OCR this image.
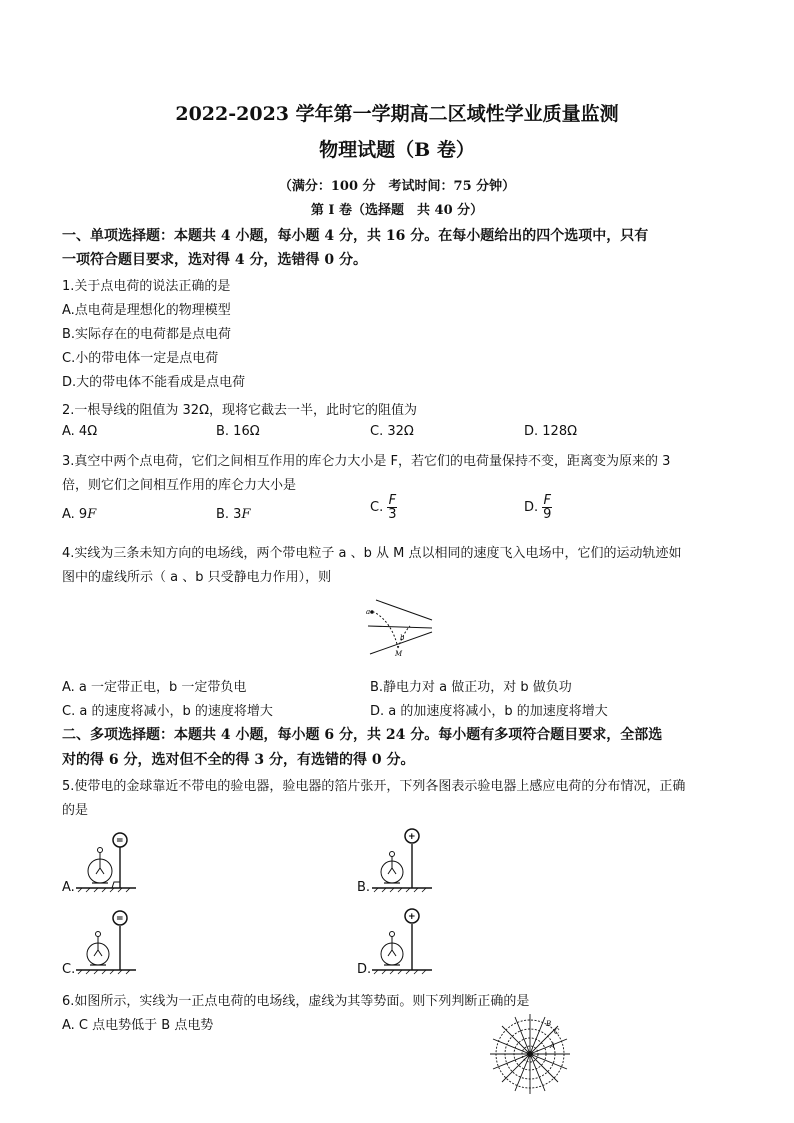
2022-2023 学年第一学期高二区域性学业质量监测
物理试题（B 卷）
（满分：100 分　考试时间：75 分钟）
第 I 卷（选择题　共 40 分）
一、单项选择题：本题共 4 小题，每小题 4 分，共 16 分。在每小题给出的四个选项中，只有
一项符合题目要求，选对得 4 分，选错得 0 分。
1.关于点电荷的说法正确的是
A.点电荷是理想化的物理模型
B.实际存在的电荷都是点电荷
C.小的带电体一定是点电荷
D.大的带电体不能看成是点电荷
2.一根导线的阻值为 32Ω，现将它截去一半，此时它的阻值为
A. 4Ω	B. 16Ω	C. 32Ω	D. 128Ω
3.真空中两个点电荷，它们之间相互作用的库仑力大小是 F，若它们的电荷量保持不变，距离变为原来的 3
倍，则它们之间相互作用的库仑力大小是
A. 9F	B. 3F	C. $\frac{F}{3}$	D. $\frac{F}{9}$
4.实线为三条未知方向的电场线，两个带电粒子 a 、b 从 M 点以相同的速度飞入电场中，它们的运动轨迹如
图中的虚线所示（ a 、b 只受静电力作用），则
a
b
M
A. a 一定带正电，b 一定带负电	B.静电力对 a 做正功，对 b 做负功
C. a 的速度将减小，b 的速度将增大	D. a 的加速度将减小，b 的加速度将增大
二、多项选择题：本题共 4 小题，每小题 6 分，共 24 分。每小题有多项符合题目要求，全部选
对的得 6 分，选对但不全的得 3 分，有选错的得 0 分。
5.使带电的金球靠近不带电的验电器，验电器的箔片张开，下列各图表示验电器上感应电荷的分布情况，正确
的是
=
A.
+
B.
=
C.
+
D.
6.如图所示，实线为一正点电荷的电场线，虚线为其等势面。则下列判断正确的是
A. C 点电势低于 B 点电势	B
C
A
